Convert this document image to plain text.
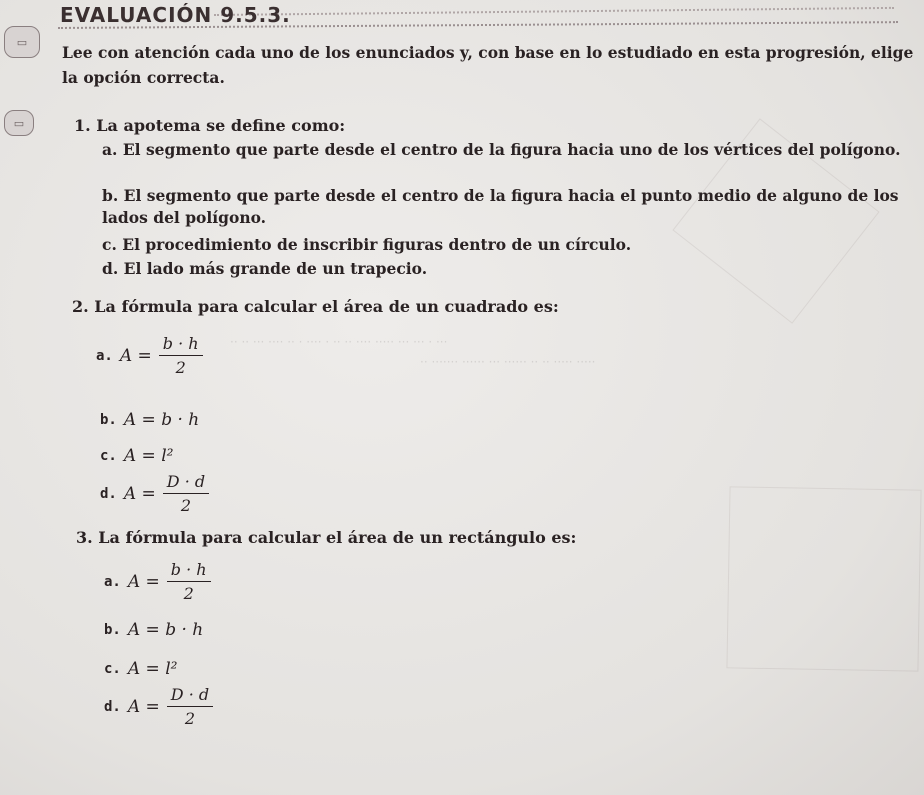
·· ·· ··· ···· ·· · ···· · ·· ·· ···· ····· ··· ··· · ···
·· ······· ······ ··· ······ ·· ·· ····· ·····
▭
▭
EVALUACIÓN 9.5.3.
Lee con atención cada uno de los enunciados y, con base en lo estudiado en esta progresión, elige la opción correcta.
1. La apotema se define como:
a. El segmento que parte desde el centro de la figura hacia uno de los vértices del polígono.
b. El segmento que parte desde el centro de la figura hacia el punto medio de alguno de los lados del polígono.
c. El procedimiento de inscribir figuras dentro de un círculo.
d. El lado más grande de un trapecio.
2. La fórmula para calcular el área de un cuadrado es:
a. $A = \frac{b \cdot h}{2}$
b. A = b · h
c. A = l²
d. $A = \frac{D \cdot d}{2}$
3. La fórmula para calcular el área de un rectángulo es:
a. $A = \frac{b \cdot h}{2}$
b. A = b · h
c. A = l²
d. $A = \frac{D \cdot d}{2}$
